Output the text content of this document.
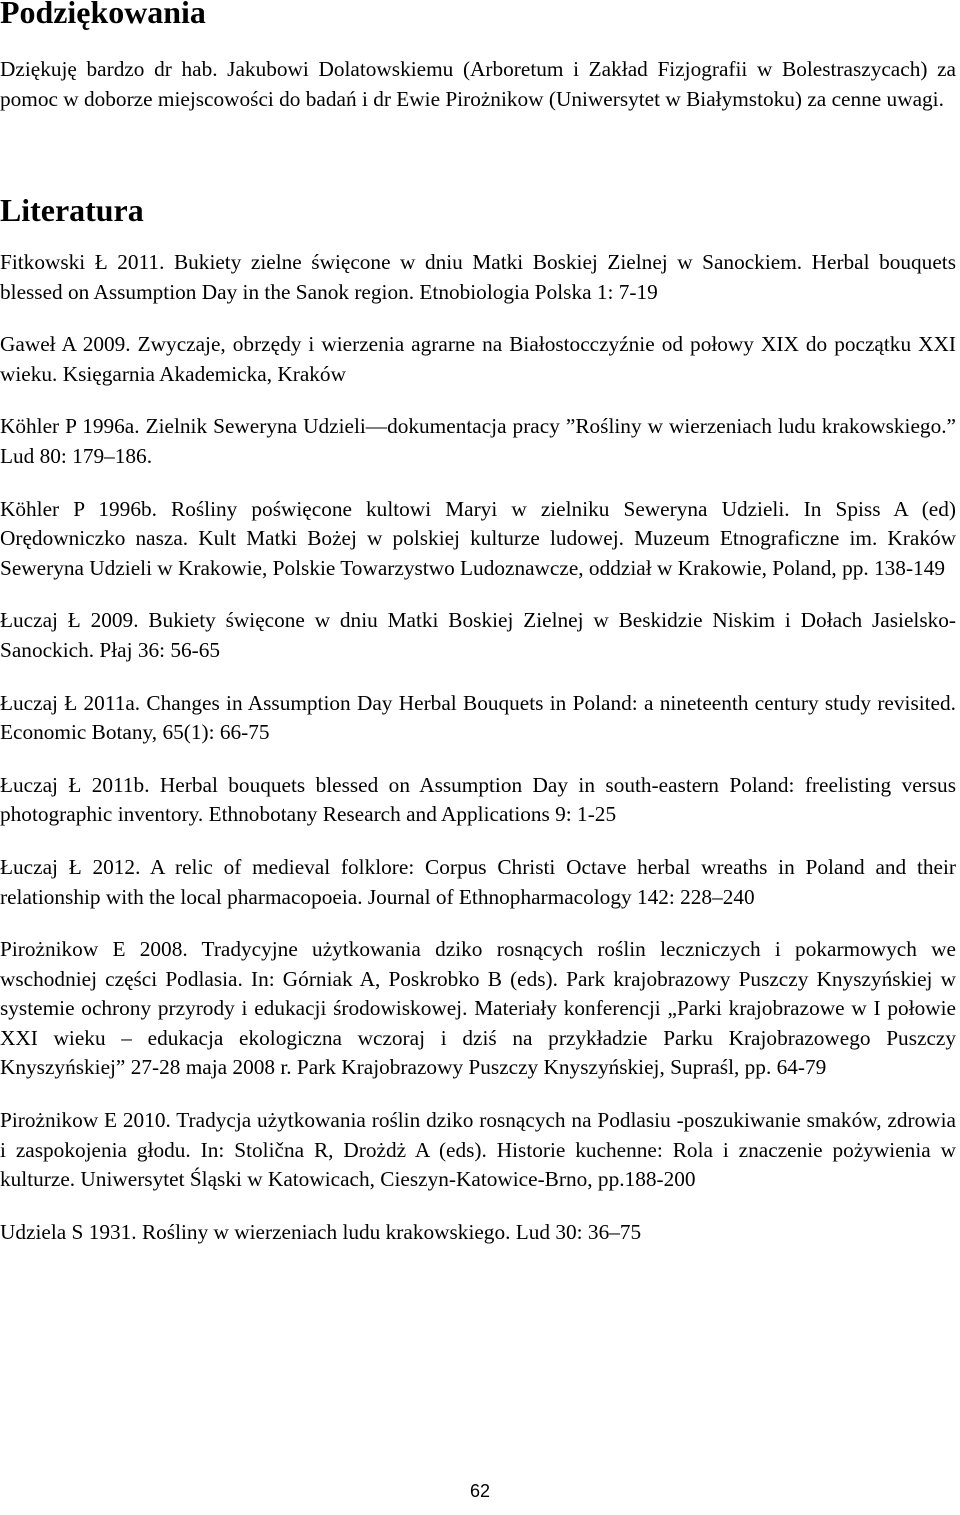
Podziękowania

Dziękuję bardzo dr hab. Jakubowi Dolatowskiemu (Arboretum i Zakład Fizjografii w Bolestraszycach) za pomoc w doborze miejscowości do badań i dr Ewie Pirożnikow (Uniwersytet w Białymstoku) za cenne uwagi.

Literatura

Fitkowski Ł 2011. Bukiety zielne święcone w dniu Matki Boskiej Zielnej w Sanockiem. Herbal bouquets blessed on Assumption Day in the Sanok region. Etnobiologia Polska 1: 7-19

Gaweł A 2009. Zwyczaje, obrzędy i wierzenia agrarne na Białostocczyźnie od połowy XIX do początku XXI wieku. Księgarnia Akademicka, Kraków

Köhler P 1996a. Zielnik Seweryna Udzieli—dokumentacja pracy ”Rośliny w wierzeniach ludu krakowskiego.” Lud 80: 179–186.

Köhler P 1996b. Rośliny poświęcone kultowi Maryi w zielniku Seweryna Udzieli. In Spiss A (ed) Orędowniczko nasza. Kult Matki Bożej w polskiej kulturze ludowej. Muzeum Etnograficzne im. Kraków Seweryna Udzieli w Krakowie, Polskie Towarzystwo Ludoznawcze, oddział w Krakowie, Poland, pp. 138-149

Łuczaj Ł 2009. Bukiety święcone w dniu Matki Boskiej Zielnej w Beskidzie Niskim i Dołach Jasielsko-Sanockich. Płaj 36: 56-65

Łuczaj Ł 2011a. Changes in Assumption Day Herbal Bouquets in Poland: a nineteenth century study revisited. Economic Botany, 65(1): 66-75

Łuczaj Ł 2011b. Herbal bouquets blessed on Assumption Day in south-eastern Poland: freelisting versus photographic inventory. Ethnobotany Research and Applications 9: 1-25

Łuczaj Ł 2012. A relic of medieval folklore: Corpus Christi Octave herbal wreaths in Poland and their relationship with the local pharmacopoeia. Journal of Ethnopharmacology 142: 228–240

Pirożnikow E 2008. Tradycyjne użytkowania dziko rosnących roślin leczniczych i pokarmowych we wschodniej części Podlasia. In: Górniak A, Poskrobko B (eds). Park krajobrazowy Puszczy Knyszyńskiej w systemie ochrony przyrody i edukacji środowiskowej. Materiały konferencji „Parki krajobrazowe w I połowie XXI wieku – edukacja ekologiczna wczoraj i dziś na przykładzie Parku Krajobrazowego Puszczy Knyszyńskiej” 27-28 maja 2008 r. Park Krajobrazowy Puszczy Knyszyńskiej, Supraśl, pp. 64-79

Pirożnikow E 2010. Tradycja użytkowania roślin dziko rosnących na Podlasiu -poszukiwanie smaków, zdrowia i zaspokojenia głodu. In: Stolična R, Drożdż A (eds). Historie kuchenne: Rola i znaczenie pożywienia w kulturze. Uniwersytet Śląski w Katowicach, Cieszyn-Katowice-Brno, pp.188-200

Udziela S 1931. Rośliny w wierzeniach ludu krakowskiego. Lud 30: 36–75

62
